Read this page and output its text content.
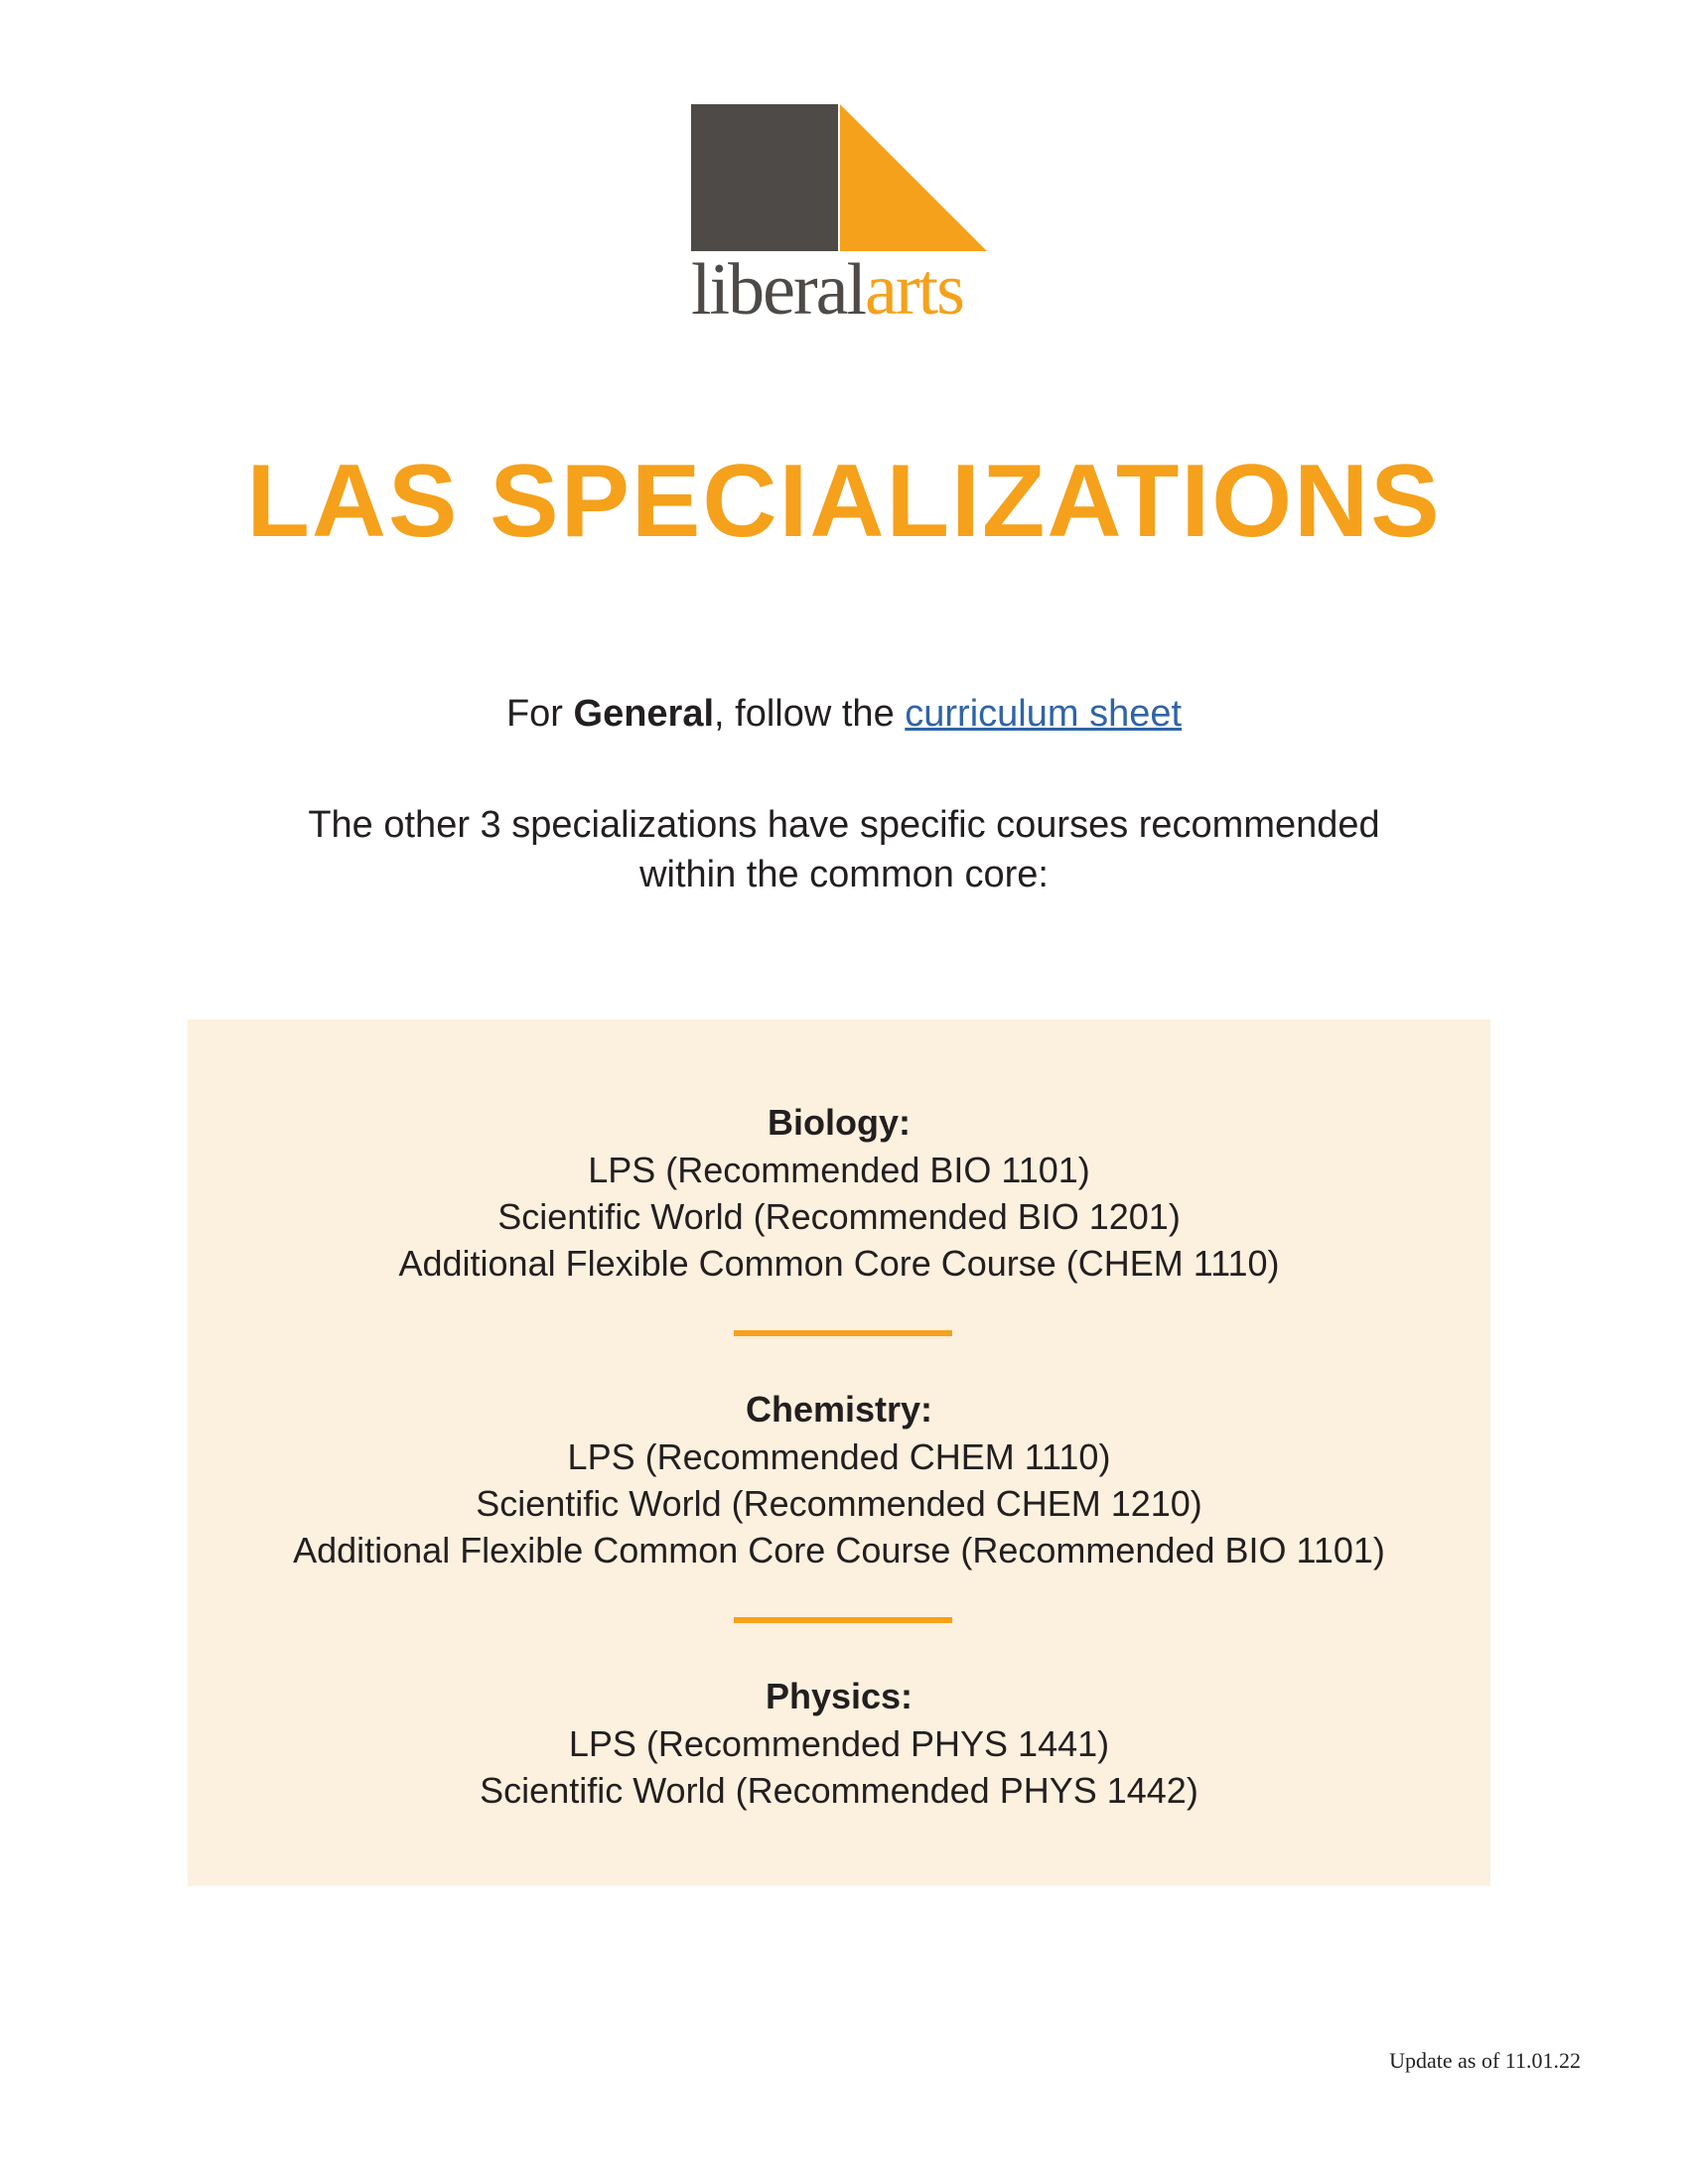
liberalarts
LAS SPECIALIZATIONS
For General, follow the curriculum sheet
The other 3 specializations have specific courses recommended
within the common core:
Biology:
LPS (Recommended BIO 1101)
Scientific World (Recommended BIO 1201)
Additional Flexible Common Core Course (CHEM 1110)
Chemistry:
LPS (Recommended CHEM 1110)
Scientific World (Recommended CHEM 1210)
Additional Flexible Common Core Course (Recommended BIO 1101)
Physics:
LPS (Recommended PHYS 1441)
Scientific World (Recommended PHYS 1442)
Update as of 11.01.22
